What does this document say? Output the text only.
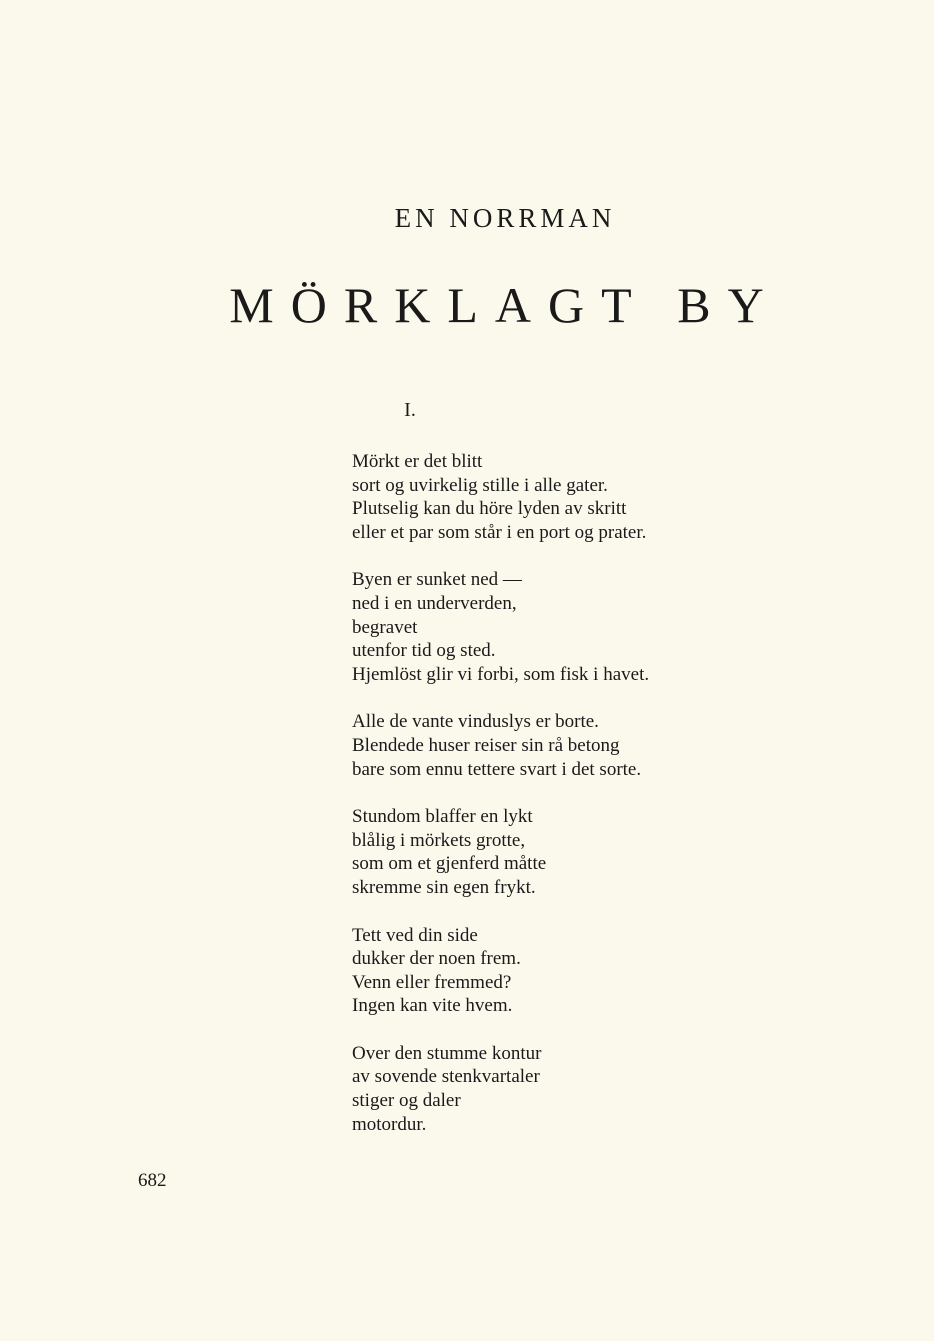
EN NORRMAN
MÖRKLAGT BY
I.
Mörkt er det blitt
sort og uvirkelig stille i alle gater.
Plutselig kan du höre lyden av skritt
eller et par som står i en port og prater.
Byen er sunket ned —
ned i en underverden,
begravet
utenfor tid og sted.
Hjemlöst glir vi forbi, som fisk i havet.
Alle de vante vinduslys er borte.
Blendede huser reiser sin rå betong
bare som ennu tettere svart i det sorte.
Stundom blaffer en lykt
blålig i mörkets grotte,
som om et gjenferd måtte
skremme sin egen frykt.
Tett ved din side
dukker der noen frem.
Venn eller fremmed?
Ingen kan vite hvem.
Over den stumme kontur
av sovende stenkvartaler
stiger og daler
motordur.
682
